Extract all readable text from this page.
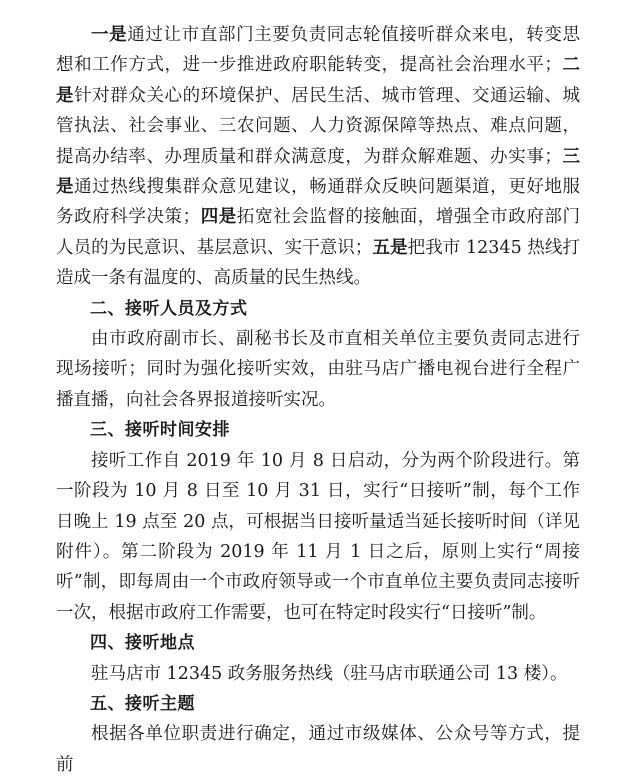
一是通过让市直部门主要负责同志轮值接听群众来电，转变思想和工作方式，进一步推进政府职能转变，提高社会治理水平；二是针对群众关心的环境保护、居民生活、城市管理、交通运输、城管执法、社会事业、三农问题、人力资源保障等热点、难点问题，提高办结率、办理质量和群众满意度，为群众解难题、办实事；三是通过热线搜集群众意见建议，畅通群众反映问题渠道，更好地服务政府科学决策；四是拓宽社会监督的接触面，增强全市政府部门人员的为民意识、基层意识、实干意识；五是把我市 12345 热线打造成一条有温度的、高质量的民生热线。

二、接听人员及方式

由市政府副市长、副秘书长及市直相关单位主要负责同志进行现场接听；同时为强化接听实效，由驻马店广播电视台进行全程广播直播，向社会各界报道接听实况。

三、接听时间安排

接听工作自 2019 年 10 月 8 日启动，分为两个阶段进行。第一阶段为 10 月 8 日至 10 月 31 日，实行“日接听”制，每个工作日晚上 19 点至 20 点，可根据当日接听量适当延长接听时间（详见附件）。第二阶段为 2019 年 11 月 1 日之后，原则上实行“周接听”制，即每周由一个市政府领导或一个市直单位主要负责同志接听一次，根据市政府工作需要，也可在特定时段实行“日接听”制。

四、接听地点

驻马店市 12345 政务服务热线（驻马店市联通公司 13 楼）。

五、接听主题

根据各单位职责进行确定，通过市级媒体、公众号等方式，提前
